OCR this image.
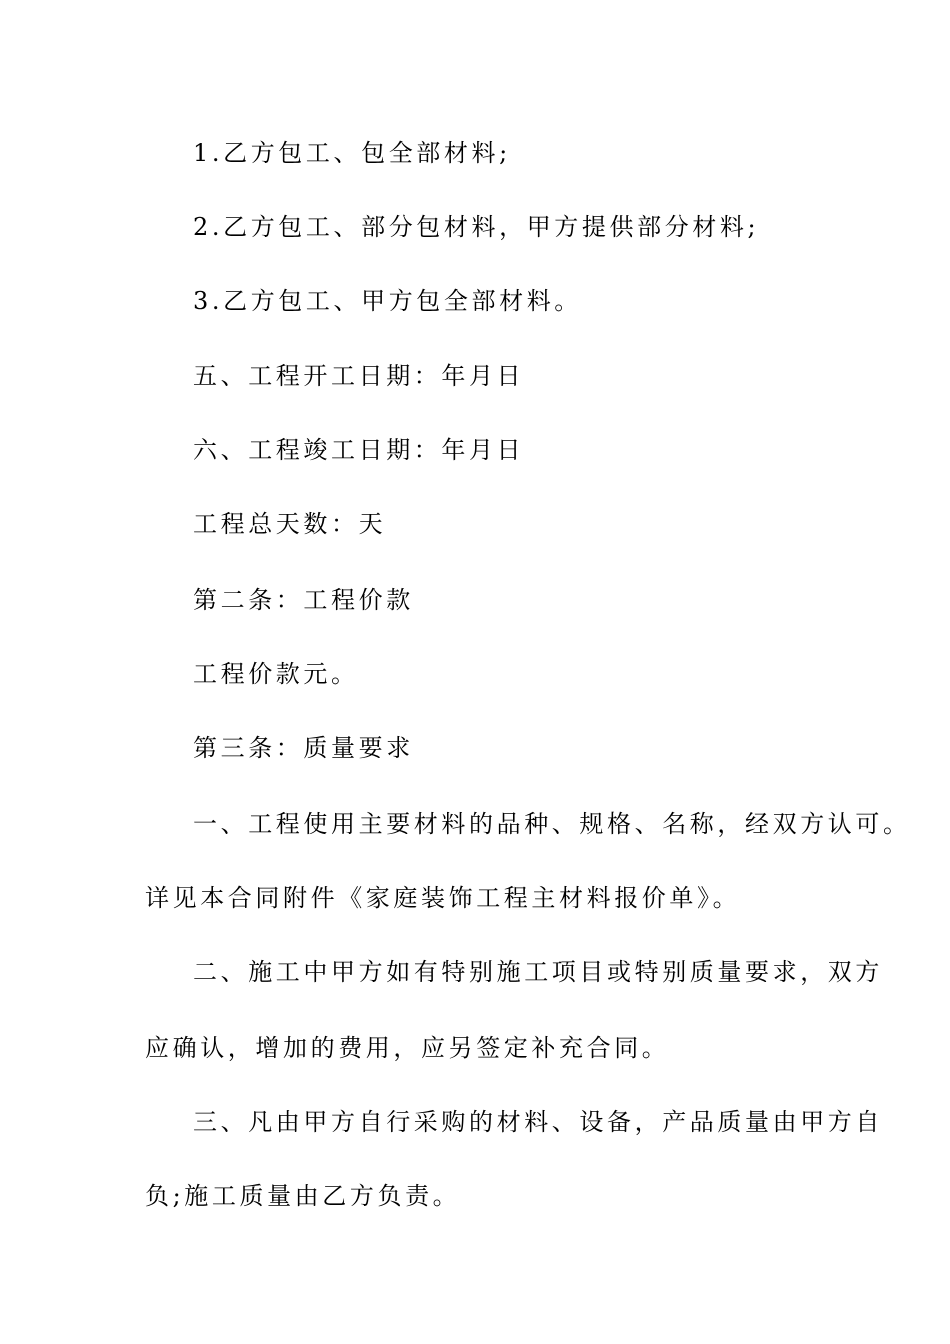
1.乙方包工、包全部材料;
2.乙方包工、部分包材料，甲方提供部分材料;
3.乙方包工、甲方包全部材料。
五、工程开工日期：年月日
六、工程竣工日期：年月日
工程总天数：天
第二条：工程价款
工程价款元。
第三条：质量要求
一、工程使用主要材料的品种、规格、名称，经双方认可。
详见本合同附件《家庭装饰工程主材料报价单》。
二、施工中甲方如有特别施工项目或特别质量要求，双方
应确认，增加的费用，应另签定补充合同。
三、凡由甲方自行采购的材料、设备，产品质量由甲方自
负;施工质量由乙方负责。
